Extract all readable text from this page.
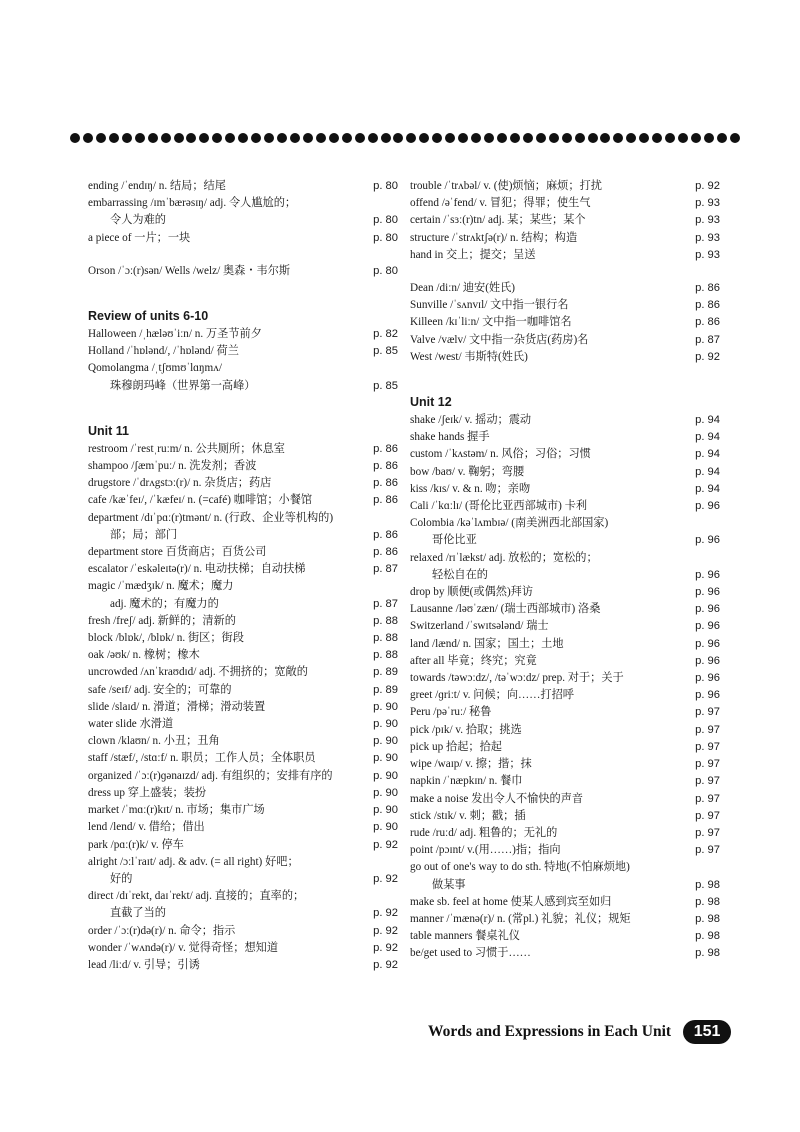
ending /ˈendɪŋ/ n. 结局；结尾	p. 80
embarrassing /ɪmˈbærəsɪŋ/ adj. 令人尴尬的；
令人为难的	p. 80
a piece of 一片；一块	p. 80
Orson /ˈɔː(r)sən/ Wells /welz/ 奥森・韦尔斯	p. 80
Review of units 6-10
Halloween /ˌhæləʊˈiːn/ n. 万圣节前夕	p. 82
Holland /ˈhɒlənd/, /ˈhɒlənd/ 荷兰	p. 85
Qomolangma /ˌtʃʊmʊˈlɑŋmʌ/
珠穆朗玛峰（世界第一高峰）	p. 85
Unit 11
restroom /ˈrestˌruːm/ n. 公共厕所；休息室	p. 86
shampoo /ʃæmˈpuː/ n. 洗发剂；香波	p. 86
drugstore /ˈdrʌgstɔː(r)/ n. 杂货店；药店	p. 86
cafe /kæˈfeɪ/, /ˈkæfeɪ/ n. (=café) 咖啡馆；小餐馆	p. 86
department /dɪˈpɑː(r)tmənt/ n. (行政、企业等机构的)
部；局；部门	p. 86
department store 百货商店；百货公司	p. 86
escalator /ˈeskəleɪtə(r)/ n. 电动扶梯；自动扶梯	p. 87
magic /ˈmædʒɪk/ n. 魔术；魔力
adj. 魔术的；有魔力的	p. 87
fresh /freʃ/ adj. 新鲜的；清新的	p. 88
block /blɒk/, /blɒk/ n. 街区；街段	p. 88
oak /əʊk/ n. 橡树；橡木	p. 88
uncrowded /ʌnˈkraʊdɪd/ adj. 不拥挤的；宽敞的	p. 89
safe /seɪf/ adj. 安全的；可靠的	p. 89
slide /slaɪd/ n. 滑道；滑梯；滑动装置	p. 90
water slide 水滑道	p. 90
clown /klaʊn/ n. 小丑；丑角	p. 90
staff /stæf/, /stɑːf/ n. 职员；工作人员；全体职员	p. 90
organized /ˈɔː(r)ɡənaɪzd/ adj. 有组织的；安排有序的	p. 90
dress up 穿上盛装；装扮	p. 90
market /ˈmɑː(r)kɪt/ n. 市场；集市广场	p. 90
lend /lend/ v. 借给；借出	p. 90
park /pɑː(r)k/ v. 停车	p. 92
alright /ɔːlˈraɪt/ adj. & adv. (= all right) 好吧；
好的	p. 92
direct /dɪˈrekt, daɪˈrekt/ adj. 直接的；直率的；
直截了当的	p. 92
order /ˈɔː(r)də(r)/ n. 命令；指示	p. 92
wonder /ˈwʌndə(r)/ v. 觉得奇怪；想知道	p. 92
lead /liːd/ v. 引导；引诱	p. 92
trouble /ˈtrʌbəl/ v. (使)烦恼；麻烦；打扰	p. 92
offend /əˈfend/ v. 冒犯；得罪；使生气	p. 93
certain /ˈsɜː(r)tn/ adj. 某；某些；某个	p. 93
structure /ˈstrʌktʃə(r)/ n. 结构；构造	p. 93
hand in 交上；提交；呈送	p. 93
Dean /diːn/ 迪安(姓氏)	p. 86
Sunville /ˈsʌnvɪl/ 文中指一银行名	p. 86
Killeen /kɪˈliːn/ 文中指一咖啡馆名	p. 86
Valve /vælv/ 文中指一杂货店(药房)名	p. 87
West /west/ 韦斯特(姓氏)	p. 92
Unit 12
shake /ʃeɪk/ v. 摇动；震动	p. 94
shake hands 握手	p. 94
custom /ˈkʌstəm/ n. 风俗；习俗；习惯	p. 94
bow /baʊ/ v. 鞠躬；弯腰	p. 94
kiss /kɪs/ v. & n. 吻；亲吻	p. 94
Cali /ˈkɑːlɪ/ (哥伦比亚西部城市) 卡利	p. 96
Colombia /kəˈlʌmbɪə/ (南美洲西北部国家)
哥伦比亚	p. 96
relaxed /rɪˈlækst/ adj. 放松的；宽松的；
轻松自在的	p. 96
drop by 顺便(或偶然)拜访	p. 96
Lausanne /ləʊˈzæn/ (瑞士西部城市) 洛桑	p. 96
Switzerland /ˈswɪtsələnd/ 瑞士	p. 96
land /lænd/ n. 国家；国土；土地	p. 96
after all 毕竟；终究；究竟	p. 96
towards /təwɔːdz/, /təˈwɔːdz/ prep. 对于；关于	p. 96
greet /ɡriːt/ v. 问候；向……打招呼	p. 96
Peru /pəˈruː/ 秘鲁	p. 97
pick /pɪk/ v. 拾取；挑选	p. 97
pick up 拾起；拾起	p. 97
wipe /waɪp/ v. 擦；揩；抹	p. 97
napkin /ˈnæpkɪn/ n. 餐巾	p. 97
make a noise 发出令人不愉快的声音	p. 97
stick /stɪk/ v. 刺；戳；插	p. 97
rude /ruːd/ adj. 粗鲁的；无礼的	p. 97
point /pɔɪnt/ v.(用……)指；指向	p. 97
go out of one's way to do sth. 特地(不怕麻烦地)
做某事	p. 98
make sb. feel at home 使某人感到宾至如归	p. 98
manner /ˈmænə(r)/ n. (常pl.) 礼貌；礼仪；规矩	p. 98
table manners 餐桌礼仪	p. 98
be/get used to 习惯于……	p. 98
Words and Expressions in Each Unit	151
